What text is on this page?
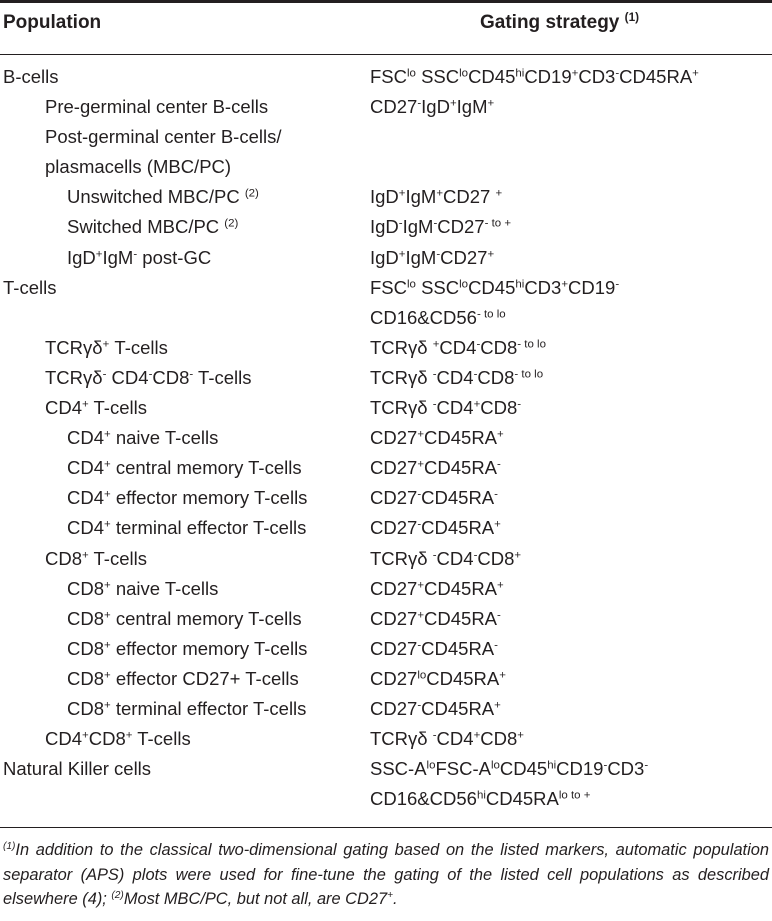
Population	Gating strategy $^{(1)}$
B-cells	$FSC^{lo}$ $SSC^{lo}CD45^{hi}CD19^+CD3^-CD45RA^+$
Pre-germinal center B-cells	CD27-IgD+IgM+
Post-germinal center B-cells/
plasmacells (MBC/PC)
Unswitched MBC/PC $^{(2)}$	IgD+IgM+CD27 +
Switched MBC/PC $^{(2)}$	$IgD^-IgM^-CD27^{- to +}$
IgD+IgM- post-GC	IgD+IgM-CD27+
T-cells	$FSC^{lo}$ $SSC^{lo}CD45^{hi}CD3^+CD19^-$
$CD16\&CD56^{- to lo}$
TCRγδ+ T-cells	TCRγδ $^+CD4^-CD8^{- to lo}$
TCRγδ- CD4-CD8- T-cells	TCRγδ $^-CD4^-CD8^{- to lo}$
CD4+ T-cells	TCRγδ -CD4+CD8-
CD4+ naive T-cells	CD27+CD45RA+
CD4+ central memory T-cells	CD27+CD45RA-
CD4+ effector memory T-cells	CD27-CD45RA-
CD4+ terminal effector T-cells	CD27-CD45RA+
CD8+ T-cells	TCRγδ -CD4-CD8+
CD8+ naive T-cells	CD27+CD45RA+
CD8+ central memory T-cells	CD27+CD45RA-
CD8+ effector memory T-cells	CD27-CD45RA-
CD8+ effector CD27+ T-cells	$CD27^{lo}CD45RA^+$
CD8+ terminal effector T-cells	CD27-CD45RA+
CD4+CD8+ T-cells	TCRγδ -CD4+CD8+
Natural Killer cells	SSC-$A^{lo}FSC-A^{lo}CD45^{hi}CD19^-CD3^-$
$CD16\&CD56^{hi}CD45RA^{lo to +}$
$^{(1)}$In addition to the classical two-dimensional gating based on the listed markers, automatic population separator (APS) plots were used for fine-tune the gating of the listed cell populations as described elsewhere (4); $^{(2)}$Most MBC/PC, but not all, are CD27+.
